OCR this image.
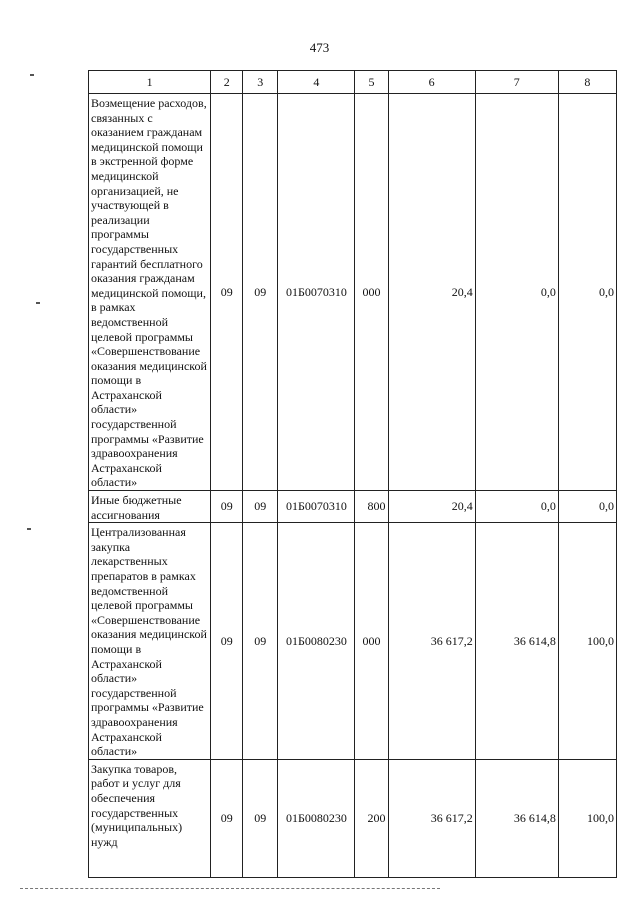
473
1	2	3	4	5	6	7	8
Возмещение расходов, связанных с оказанием гражданам медицинской помощи в экстренной форме медицинской организацией, не участвующей в реализации программы государственных гарантий бесплатного оказания гражданам медицинской помощи, в рамках ведомственной целевой программы «Совершенствование оказания медицинской помощи в Астраханской области» государственной программы «Развитие здравоохранения Астраханской области»	09	09	01Б0070310	000	20,4	0,0	0,0
Иные бюджетные ассигнования	09	09	01Б0070310	800	20,4	0,0	0,0
Централизованная закупка лекарственных препаратов в рамках ведомственной целевой программы «Совершенствование оказания медицинской помощи в Астраханской области» государственной программы «Развитие здравоохранения Астраханской области»	09	09	01Б0080230	000	36 617,2	36 614,8	100,0
Закупка товаров, работ и услуг для обеспечения государственных (муниципальных) нужд	09	09	01Б0080230	200	36 617,2	36 614,8	100,0
